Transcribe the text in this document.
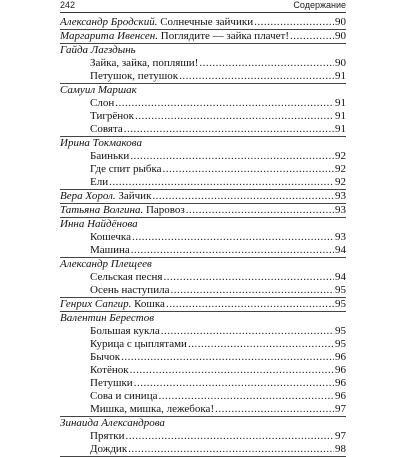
242	Содержание
Александр Бродский. Солнечные зайчики .....	90
Маргарита Ивенсен. Поглядите — зайка плачет! .....	90
Гайда Лагздынь
Зайка, зайка, попляши! .....	90
Петушок, петушок .....	91
Самуил Маршак
Слон .....	91
Тигрёнок .....	91
Совята .....	91
Ирина Токмакова
Баиньки .....	92
Где спит рыбка .....	92
Ели .....	92
Вера Хорол. Зайчик .....	93
Татьяна Волгина. Паровоз .....	93
Инна Найдёнова
Кошечка .....	93
Машина .....	94
Александр Плещеев
Сельская песня .....	94
Осень наступила .....	95
Генрих Сапгир. Кошка .....	95
Валентин Берестов
Большая кукла .....	95
Курица с цыплятами .....	95
Бычок .....	96
Котёнок .....	96
Петушки .....	96
Сова и синица .....	96
Мишка, мишка, лежебока! .....	97
Зинаида Александрова
Прятки .....	97
Дождик .....	98
